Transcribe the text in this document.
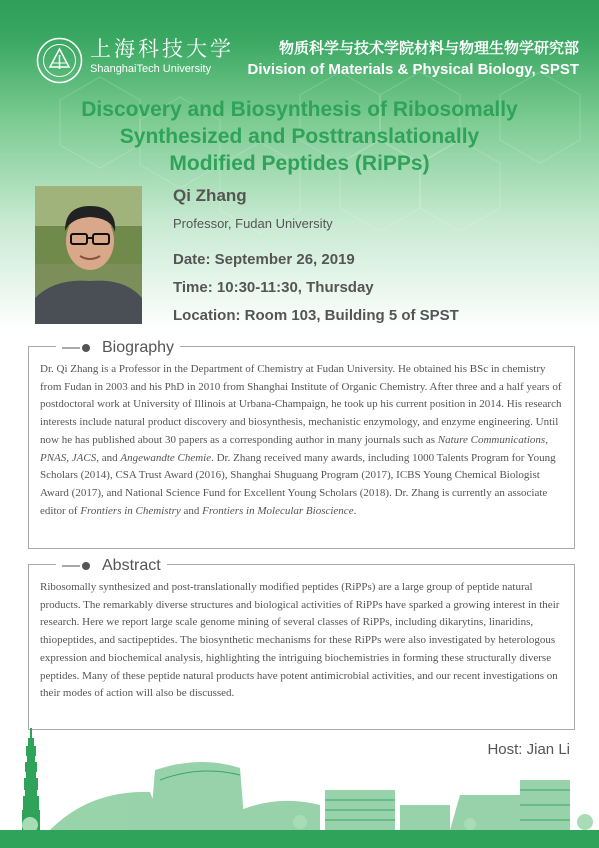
上海科技大学
ShanghaiTech University
物质科学与技术学院材料与物理生物学研究部
Division of Materials & Physical Biology, SPST
Discovery and Biosynthesis of Ribosomally
Synthesized and Posttranslationally
Modified Peptides (RiPPs)
Qi Zhang
Professor, Fudan University
Date: September 26, 2019
Time: 10:30-11:30, Thursday
Location: Room 103, Building 5 of SPST
Biography

Dr. Qi Zhang is a Professor in the Department of Chemistry at Fudan University. He obtained his BSc in chemistry from Fudan in 2003 and his PhD in 2010 from Shanghai Institute of Organic Chemistry. After three and a half years of postdoctoral work at University of Illinois at Urbana-Champaign, he took up his current position in 2014. His research interests include natural product discovery and biosynthesis, mechanistic enzymology, and enzyme engineering. Until now he has published about 30 papers as a corresponding author in many journals such as Nature Communications, PNAS, JACS, and Angewandte Chemie. Dr. Zhang received many awards, including 1000 Talents Program for Young Scholars (2014), CSA Trust Award (2016), Shanghai Shuguang Program (2017), ICBS Young Chemical Biologist Award (2017), and National Science Fund for Excellent Young Scholars (2018). Dr. Zhang is currently an associate editor of Frontiers in Chemistry and Frontiers in Molecular Bioscience.

Abstract

Ribosomally synthesized and post-translationally modified peptides (RiPPs) are a large group of peptide natural products. The remarkably diverse structures and biological activities of RiPPs have sparked a growing interest in their research. Here we report large scale genome mining of several classes of RiPPs, including dikarytins, linaridins, thiopeptides, and sactipeptides. The biosynthetic mechanisms for these RiPPs were also investigated by heterologous expression and biochemical analysis, highlighting the intriguing biochemistries in forming these structurally diverse peptides. Many of these peptide natural products have potent antimicrobial activities, and our recent investigations on their modes of action will also be discussed.

Host: Jian Li
